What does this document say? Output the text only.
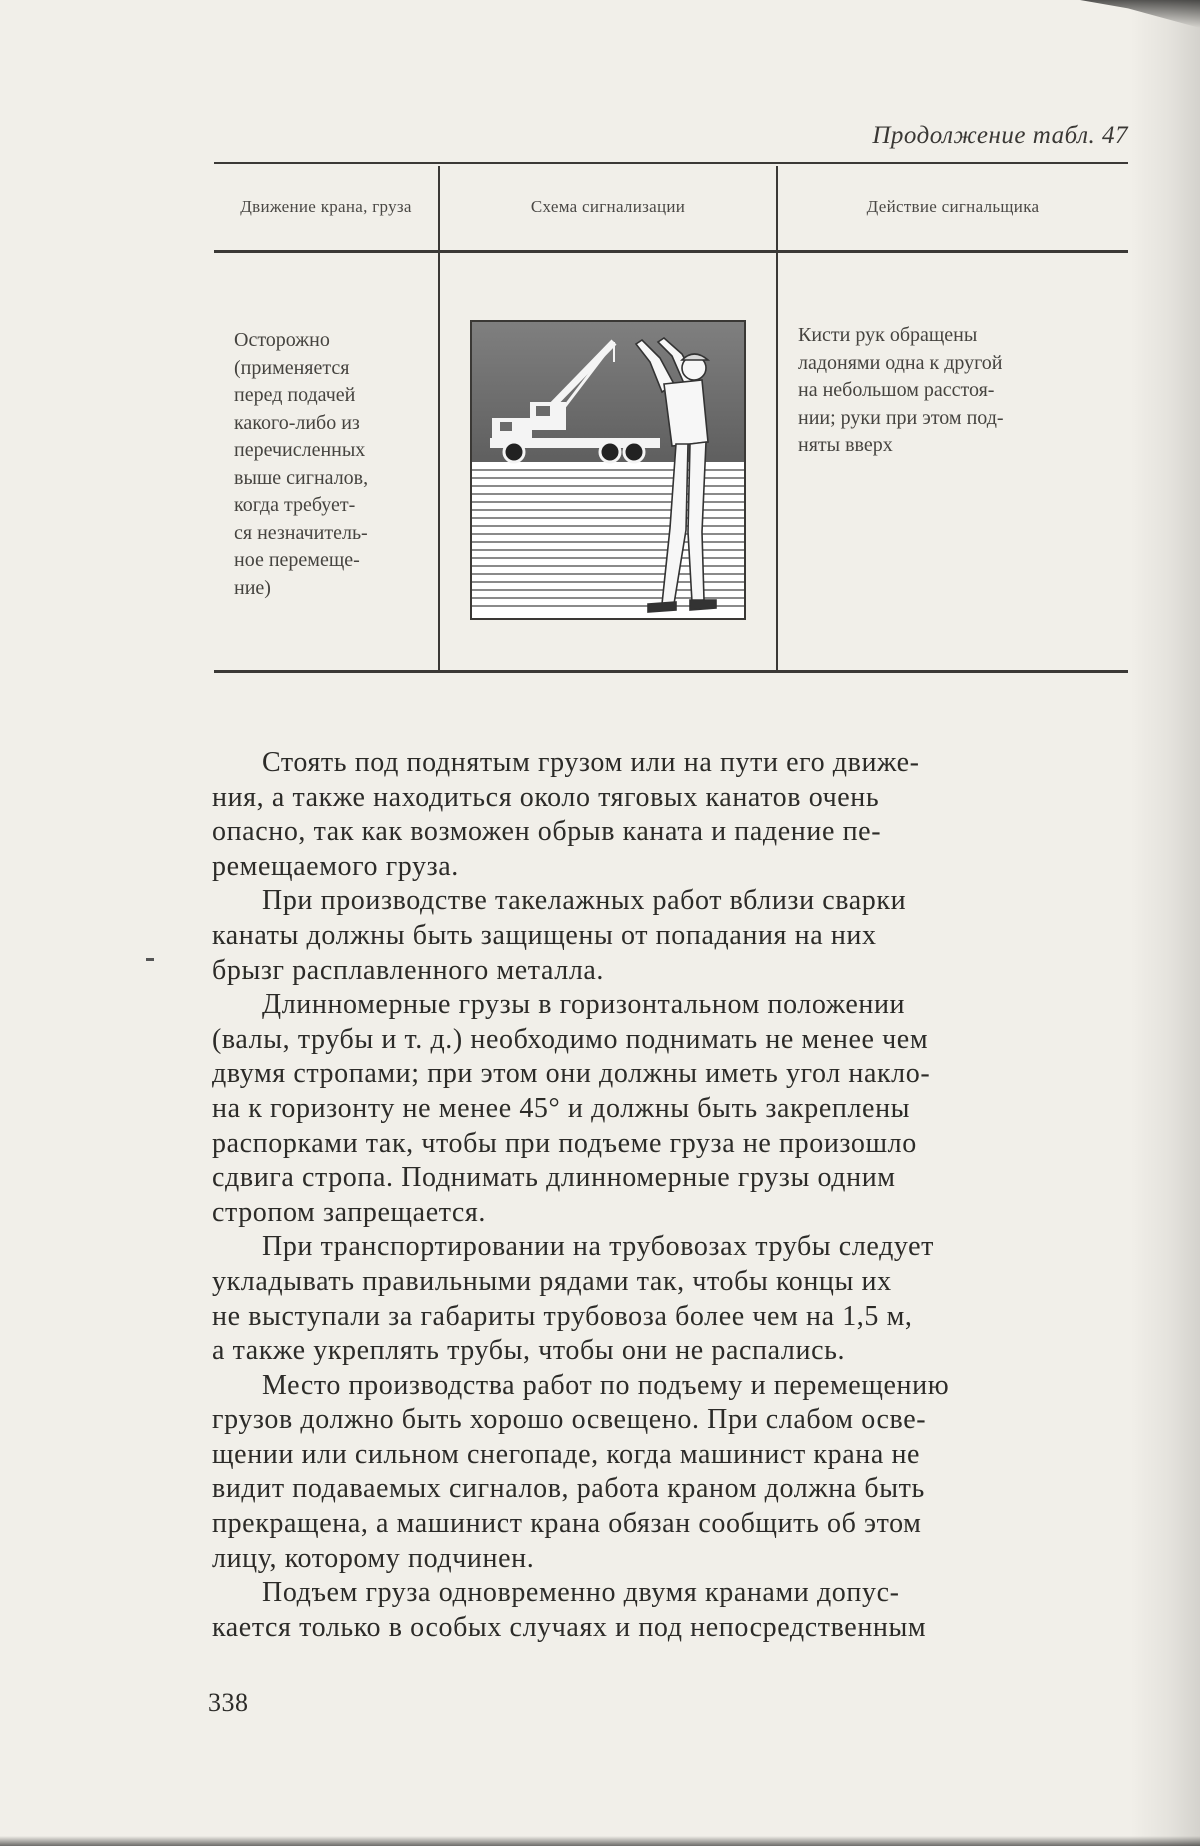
Продолжение табл. 47
Движение крана, груза	Схема сигнализации	Действие сигнальщика
Осторожно
(применяется
перед подачей
какого-либо из
перечисленных
выше сигналов,
когда требует-
ся незначитель-
ное перемеще-
ние)
Кисти рук обращены
ладонями одна к другой
на небольшом расстоя-
нии; руки при этом под-
няты вверх

Стоять под поднятым грузом или на пути его движе-
ния, а также находиться около тяговых канатов очень
опасно, так как возможен обрыв каната и падение пе-
ремещаемого груза.

При производстве такелажных работ вблизи сварки
канаты должны быть защищены от попадания на них
брызг расплавленного металла.

Длинномерные грузы в горизонтальном положении
(валы, трубы и т. д.) необходимо поднимать не менее чем
двумя стропами; при этом они должны иметь угол накло-
на к горизонту не менее 45° и должны быть закреплены
распорками так, чтобы при подъеме груза не произошло
сдвига стропа. Поднимать длинномерные грузы одним
стропом запрещается.

При транспортировании на трубовозах трубы следует
укладывать правильными рядами так, чтобы концы их
не выступали за габариты трубовоза более чем на 1,5 м,
а также укреплять трубы, чтобы они не распались.

Место производства работ по подъему и перемещению
грузов должно быть хорошо освещено. При слабом осве-
щении или сильном снегопаде, когда машинист крана не
видит подаваемых сигналов, работа краном должна быть
прекращена, а машинист крана обязан сообщить об этом
лицу, которому подчинен.

Подъем груза одновременно двумя кранами допус-
кается только в особых случаях и под непосредственным

338
